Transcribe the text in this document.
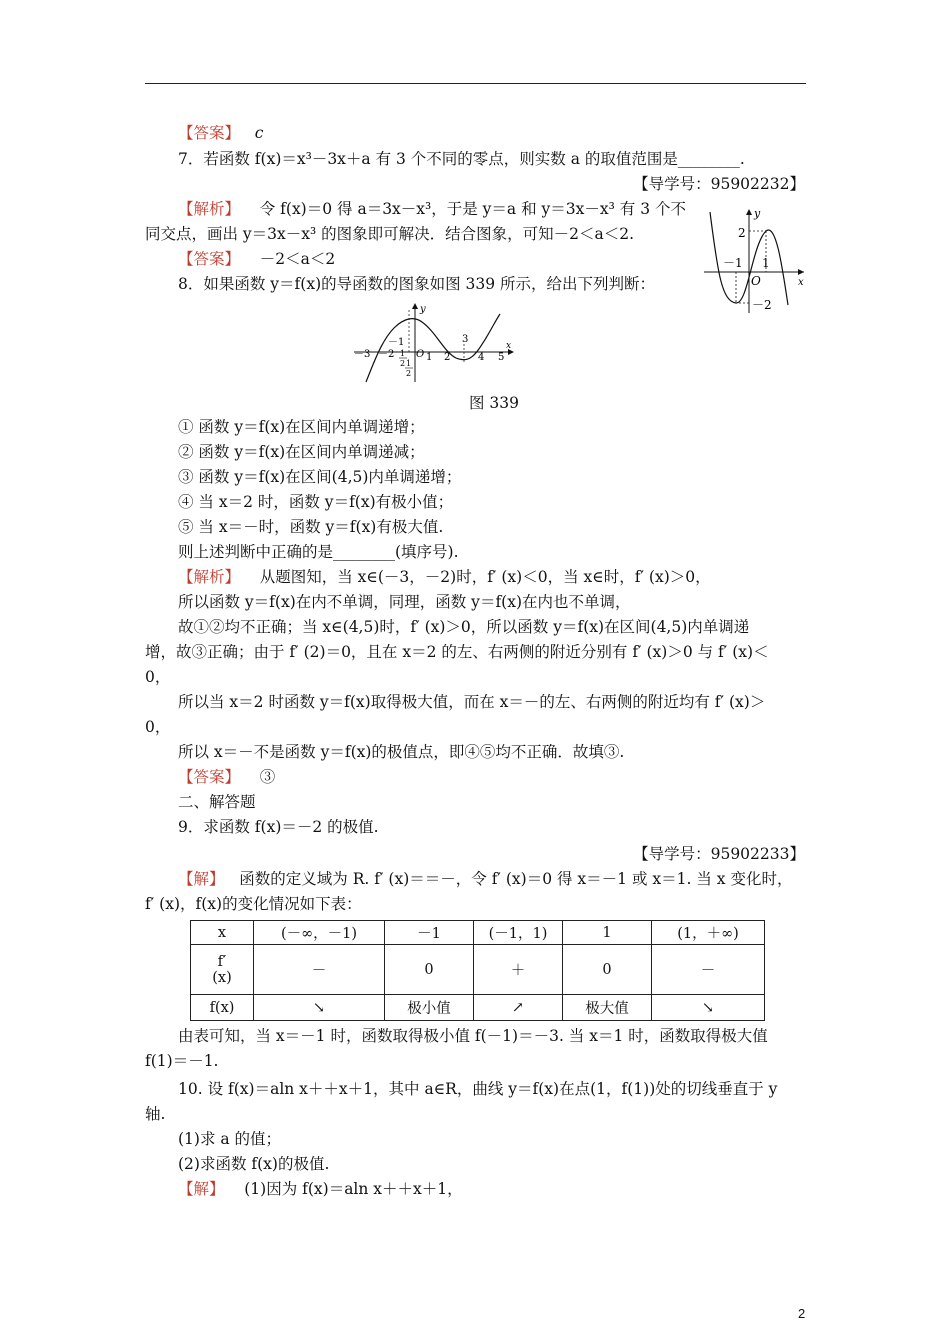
【答案】 c
7．若函数 f(x)＝x³－3x＋a 有 3 个不同的零点，则实数 a 的取值范围是________.
【导学号：95902232】
【解析】 令 f(x)＝0 得 a＝3x－x³，于是 y＝a 和 y＝3x－x³ 有 3 个不
同交点，画出 y＝3x－x³ 的图象即可解决．结合图象，可知－2＜a＜2.
【答案】 －2＜a＜2
y
x
O
2
－1 1
－2
8．如果函数 y＝f(x)的导函数的图象如图 339 所示，给出下列判断：
y
x
－3 －2
－1
1
2
O 1 2
3
4 5
1
2
图 339
① 函数 y＝f(x)在区间内单调递增；
② 函数 y＝f(x)在区间内单调递减；
③ 函数 y＝f(x)在区间(4,5)内单调递增；
④ 当 x＝2 时，函数 y＝f(x)有极小值；
⑤ 当 x＝－时，函数 y＝f(x)有极大值.
则上述判断中正确的是________(填序号).
【解析】 从题图知，当 x∈(－3，－2)时，f′ (x)＜0，当 x∈时，f′ (x)＞0，
所以函数 y＝f(x)在内不单调，同理，函数 y＝f(x)在内也不单调，
故①②均不正确；当 x∈(4,5)时，f′ (x)＞0，所以函数 y＝f(x)在区间(4,5)内单调递
增，故③正确；由于 f′ (2)＝0，且在 x＝2 的左、右两侧的附近分别有 f′ (x)＞0 与 f′ (x)＜
0，
所以当 x＝2 时函数 y＝f(x)取得极大值，而在 x＝－的左、右两侧的附近均有 f′ (x)＞
0，
所以 x＝－不是函数 y＝f(x)的极值点，即④⑤均不正确．故填③.
【答案】 ③
二、解答题
9．求函数 f(x)＝－2 的极值.
【导学号：95902233】
【解】 函数的定义域为 R. f′ (x)＝＝－，令 f′ (x)＝0 得 x＝－1 或 x＝1. 当 x 变化时，
f′ (x)，f(x)的变化情况如下表：
x	(－∞，－1)	－1	(－1，1)	1	(1，＋∞)

f′
(x)	－	0	＋	0	－
f(x)	↘	极小值	↗	极大值	↘
由表可知，当 x＝－1 时，函数取得极小值 f(－1)＝－3. 当 x＝1 时，函数取得极大值
f(1)＝－1.
10. 设 f(x)＝aln x＋＋x＋1，其中 a∈R，曲线 y＝f(x)在点(1，f(1))处的切线垂直于 y
轴.
(1)求 a 的值；
(2)求函数 f(x)的极值.
【解】 (1)因为 f(x)＝aln x＋＋x＋1，
2
